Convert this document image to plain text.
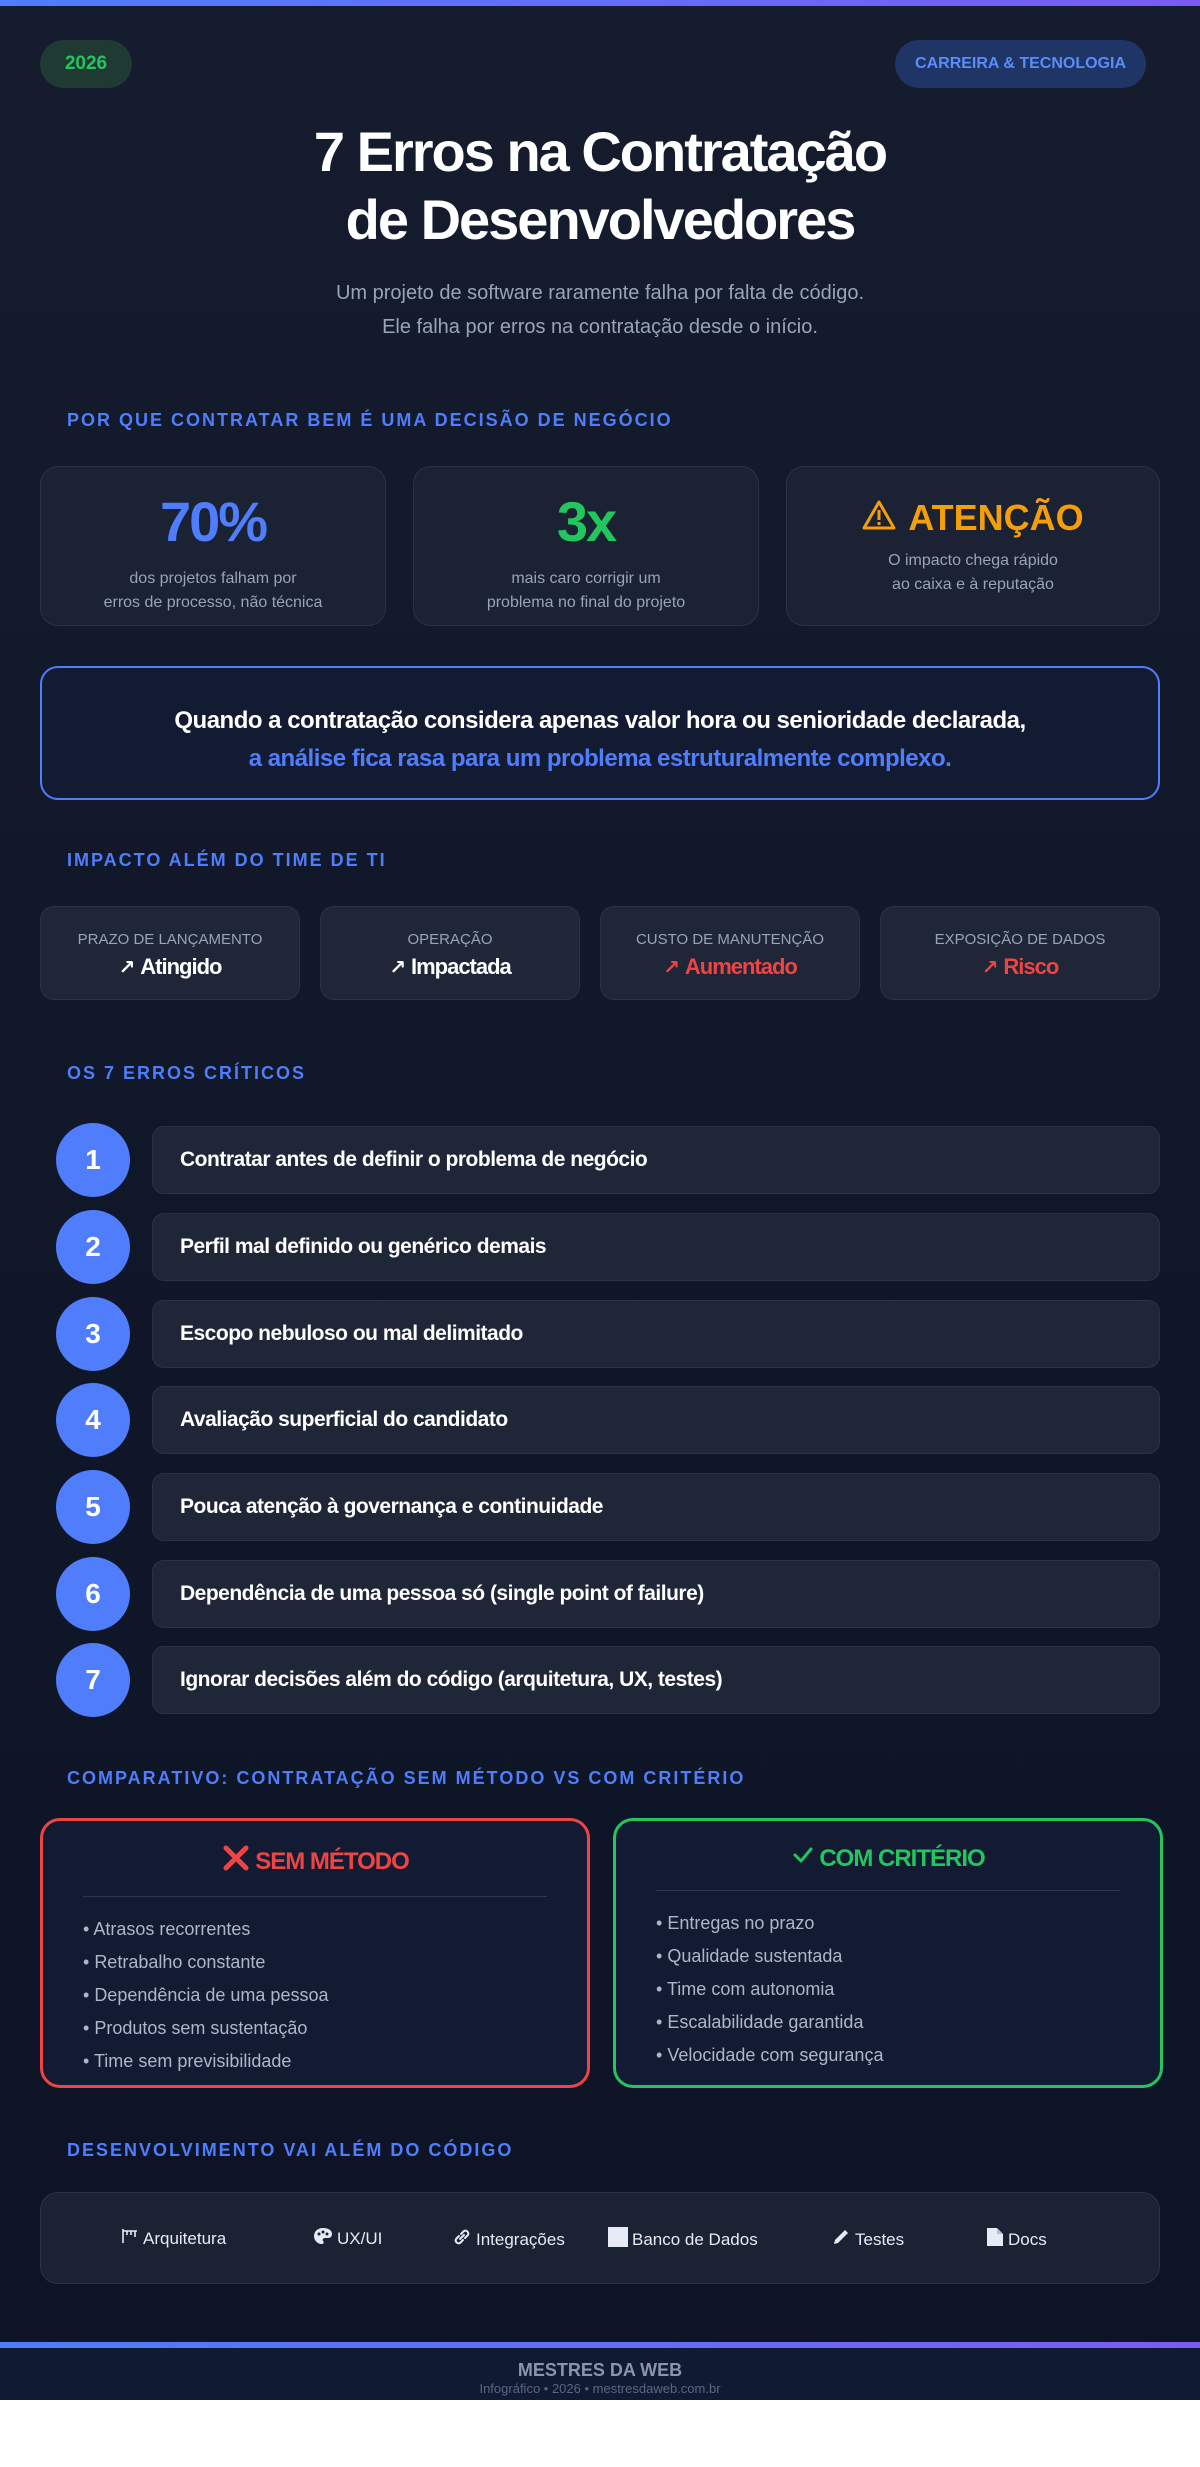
2026	CARREIRA & TECNOLOGIA
7 Erros na Contratação
de Desenvolvedores
Um projeto de software raramente falha por falta de código.
Ele falha por erros na contratação desde o início.
POR QUE CONTRATAR BEM É UMA DECISÃO DE NEGÓCIO
70%
dos projetos falham por
erros de processo, não técnica
3x
mais caro corrigir um
problema no final do projeto
ATENÇÃO
O impacto chega rápido
ao caixa e à reputação
Quando a contratação considera apenas valor hora ou senioridade declarada,
a análise fica rasa para um problema estruturalmente complexo.
IMPACTO ALÉM DO TIME DE TI
PRAZO DE LANÇAMENTO
↗ Atingido
OPERAÇÃO
↗ Impactada
CUSTO DE MANUTENÇÃO
↗ Aumentado
EXPOSIÇÃO DE DADOS
↗ Risco
OS 7 ERROS CRÍTICOS
1	Contratar antes de definir o problema de negócio
2	Perfil mal definido ou genérico demais
3	Escopo nebuloso ou mal delimitado
4	Avaliação superficial do candidato
5	Pouca atenção à governança e continuidade
6	Dependência de uma pessoa só (single point of failure)
7	Ignorar decisões além do código (arquitetura, UX, testes)
COMPARATIVO: CONTRATAÇÃO SEM MÉTODO VS COM CRITÉRIO
SEM MÉTODO
• Atrasos recorrentes
• Retrabalho constante
• Dependência de uma pessoa
• Produtos sem sustentação
• Time sem previsibilidade
COM CRITÉRIO
• Entregas no prazo
• Qualidade sustentada
• Time com autonomia
• Escalabilidade garantida
• Velocidade com segurança
DESENVOLVIMENTO VAI ALÉM DO CÓDIGO
Arquitetura	UX/UI	Integrações	Banco de Dados	Testes	Docs
MESTRES DA WEB
Infográfico • 2026 • mestresdaweb.com.br
